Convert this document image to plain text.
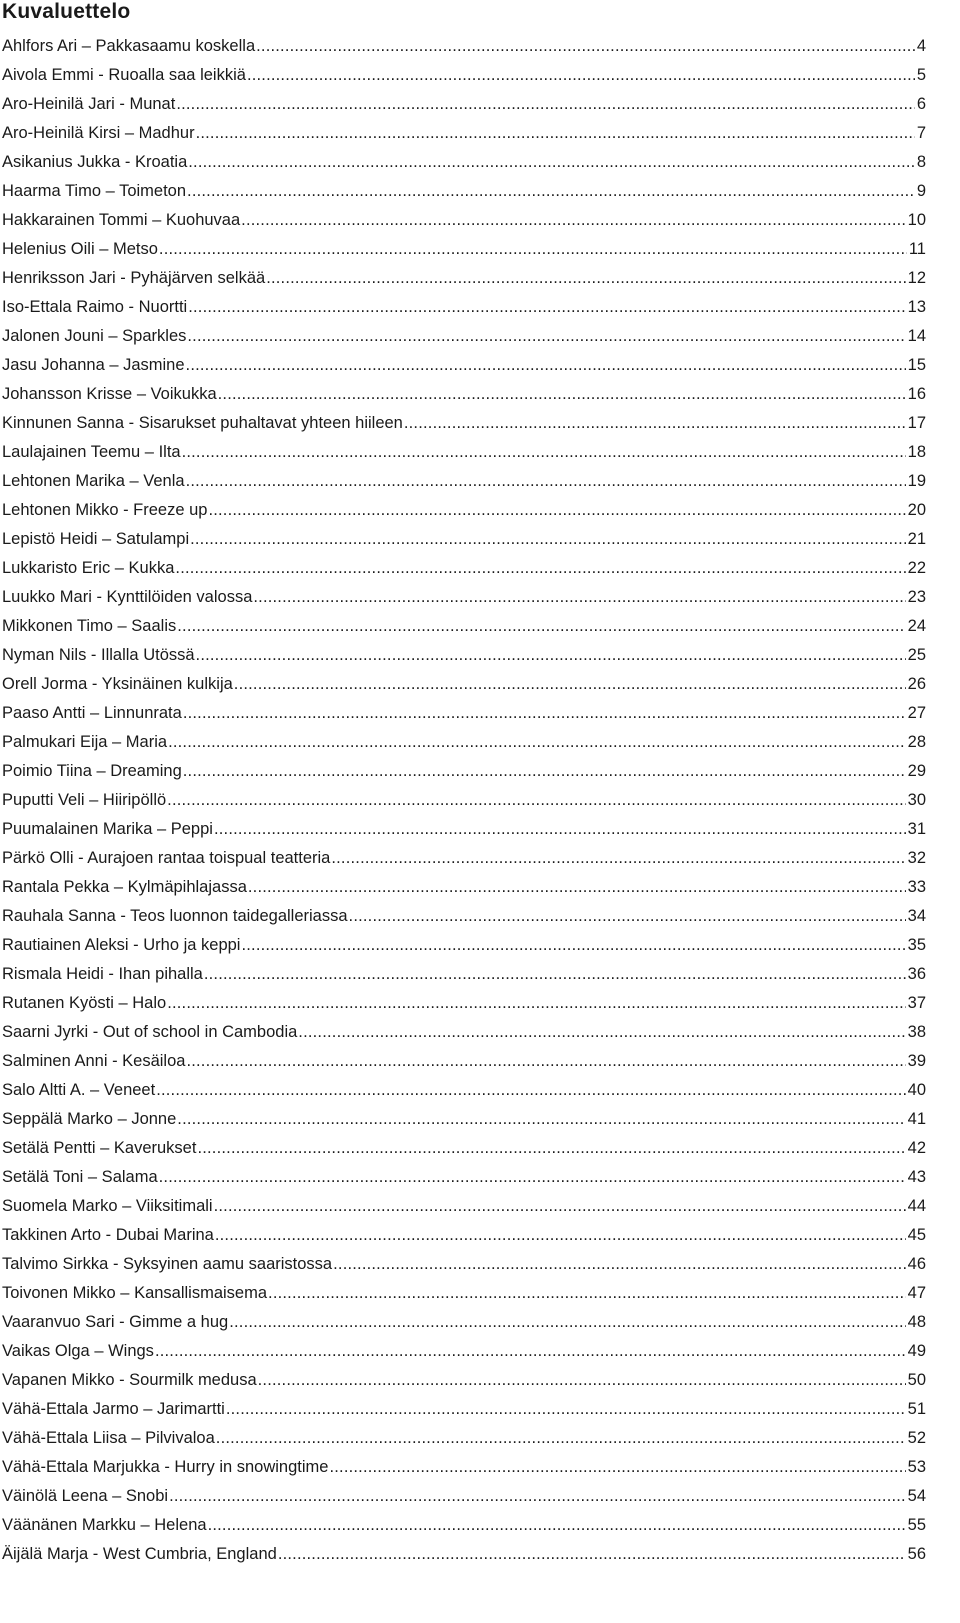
Kuvaluettelo
Ahlfors Ari – Pakkasaamu koskella .....	4
Aivola Emmi - Ruoalla saa leikkiä .....	5
Aro-Heinilä Jari - Munat .....	6
Aro-Heinilä Kirsi – Madhur .....	7
Asikanius Jukka - Kroatia .....	8
Haarma Timo – Toimeton .....	9
Hakkarainen Tommi – Kuohuvaa .....	10
Helenius Oili – Metso .....	11
Henriksson Jari - Pyhäjärven selkää .....	12
Iso-Ettala Raimo - Nuortti .....	13
Jalonen Jouni – Sparkles .....	14
Jasu Johanna – Jasmine .....	15
Johansson Krisse – Voikukka .....	16
Kinnunen Sanna - Sisarukset puhaltavat yhteen hiileen .....	17
Laulajainen Teemu – Ilta .....	18
Lehtonen Marika – Venla .....	19
Lehtonen Mikko - Freeze up .....	20
Lepistö Heidi – Satulampi .....	21
Lukkaristo Eric – Kukka .....	22
Luukko Mari - Kynttilöiden valossa .....	23
Mikkonen Timo – Saalis .....	24
Nyman Nils - Illalla Utössä .....	25
Orell Jorma - Yksinäinen kulkija .....	26
Paaso Antti – Linnunrata .....	27
Palmukari Eija – Maria .....	28
Poimio Tiina – Dreaming .....	29
Puputti Veli – Hiiripöllö .....	30
Puumalainen Marika – Peppi .....	31
Pärkö Olli - Aurajoen rantaa toispual teatteria .....	32
Rantala Pekka – Kylmäpihlajassa .....	33
Rauhala Sanna - Teos luonnon taidegalleriassa .....	34
Rautiainen Aleksi - Urho ja keppi .....	35
Rismala Heidi - Ihan pihalla .....	36
Rutanen Kyösti – Halo .....	37
Saarni Jyrki - Out of school in Cambodia .....	38
Salminen Anni - Kesäiloa .....	39
Salo Altti A. – Veneet .....	40
Seppälä Marko – Jonne .....	41
Setälä Pentti – Kaverukset .....	42
Setälä Toni – Salama .....	43
Suomela Marko – Viiksitimali .....	44
Takkinen Arto - Dubai Marina .....	45
Talvimo Sirkka - Syksyinen aamu saaristossa .....	46
Toivonen Mikko – Kansallismaisema .....	47
Vaaranvuo Sari - Gimme a hug .....	48
Vaikas Olga – Wings .....	49
Vapanen Mikko - Sourmilk medusa .....	50
Vähä-Ettala Jarmo – Jarimartti .....	51
Vähä-Ettala Liisa – Pilvivaloa .....	52
Vähä-Ettala Marjukka - Hurry in snowingtime .....	53
Väinölä Leena – Snobi .....	54
Väänänen Markku – Helena .....	55
Äijälä Marja - West Cumbria, England .....	56
